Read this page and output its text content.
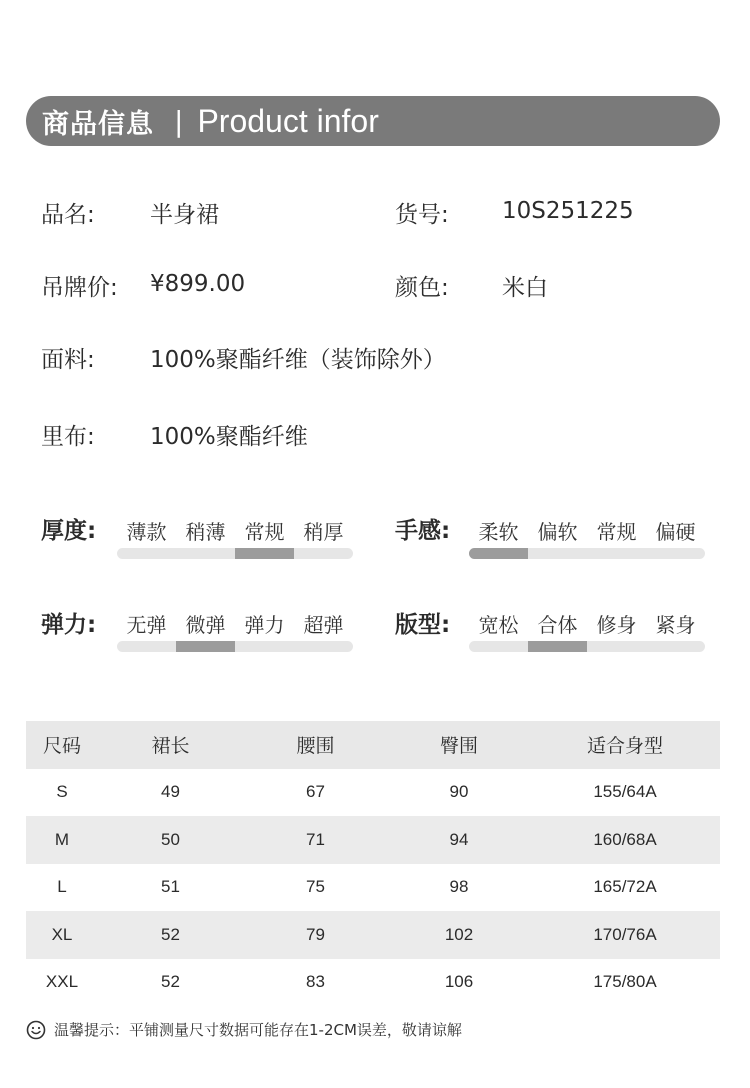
商品信息 | Product infor
品名: 半身裙	货号: 10S251225
吊牌价: ¥899.00	颜色: 米白
面料: 100%聚酯纤维（装饰除外）
里布: 100%聚酯纤维
厚度:	薄款 稍薄 常规 稍厚	手感:	柔软 偏软 常规 偏硬
弹力:	无弹 微弹 弹力 超弹	版型:	宽松 合体 修身 紧身
尺码	裙长	腰围	臀围	适合身型
S	49	67	90	155/64A
M	50	71	94	160/68A
L	51	75	98	165/72A
XL	52	79	102	170/76A
XXL	52	83	106	175/80A
温馨提示：平铺测量尺寸数据可能存在1-2CM误差，敬请谅解
